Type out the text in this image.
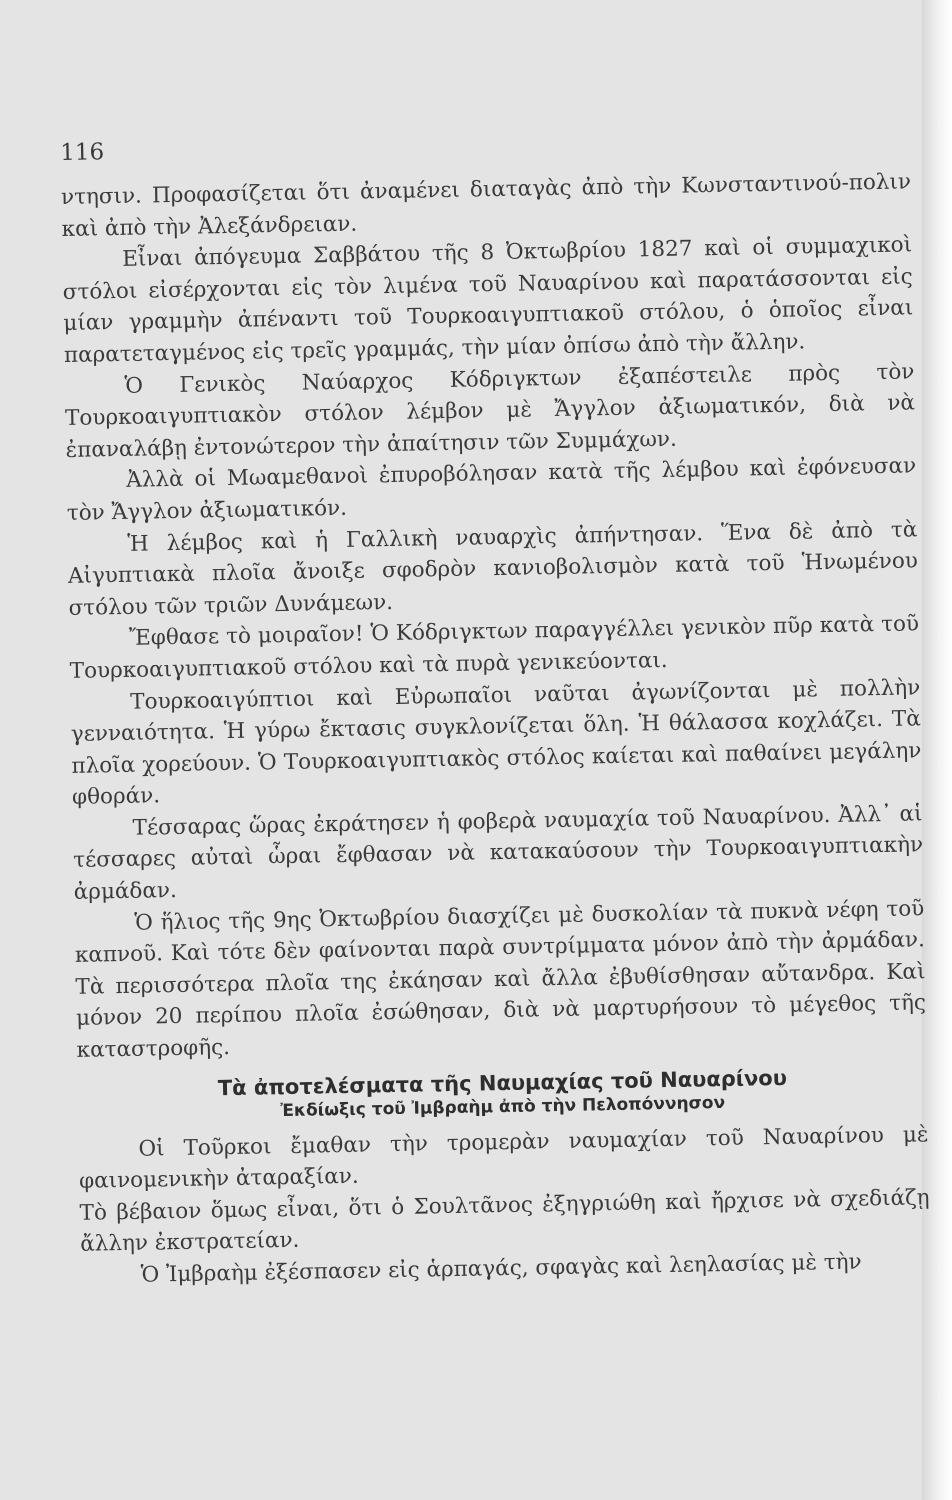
116

ντησιν. Προφασίζεται ὅτι ἀναμένει διαταγὰς ἀπὸ τὴν Κωνσταντινού-πολιν καὶ ἀπὸ τὴν Ἀλεξάνδρειαν.

Εἶναι ἀπόγευμα Σαββάτου τῆς 8 Ὀκτωβρίου 1827 καὶ οἱ συμμαχικοὶ στόλοι εἰσέρχονται εἰς τὸν λιμένα τοῦ Ναυαρίνου καὶ παρατάσσονται εἰς μίαν γραμμὴν ἀπέναντι τοῦ Τουρκοαιγυπτιακοῦ στόλου, ὁ ὁποῖος εἶναι παρατεταγμένος εἰς τρεῖς γραμμάς, τὴν μίαν ὀπίσω ἀπὸ τὴν ἄλλην.

Ὁ Γενικὸς Ναύαρχος Κόδριγκτων ἐξαπέστειλε πρὸς τὸν Τουρκοαιγυπτιακὸν στόλον λέμβον μὲ Ἄγγλον ἀξιωματικόν, διὰ νὰ ἐπαναλάβῃ ἐντονώτερον τὴν ἀπαίτησιν τῶν Συμμάχων.

Ἀλλὰ οἱ Μωαμεθανοὶ ἐπυροβόλησαν κατὰ τῆς λέμβου καὶ ἐφόνευσαν τὸν Ἄγγλον ἀξιωματικόν.

Ἡ λέμβος καὶ ἡ Γαλλικὴ ναυαρχὶς ἀπήντησαν. Ἕνα δὲ ἀπὸ τὰ Αἰγυπτιακὰ πλοῖα ἄνοιξε σφοδρὸν κανιοβολισμὸν κατὰ τοῦ Ἡνωμένου στόλου τῶν τριῶν Δυνάμεων.

Ἔφθασε τὸ μοιραῖον! Ὁ Κόδριγκτων παραγγέλλει γενικὸν πῦρ κατὰ τοῦ Τουρκοαιγυπτιακοῦ στόλου καὶ τὰ πυρὰ γενικεύονται.

Τουρκοαιγύπτιοι καὶ Εὐρωπαῖοι ναῦται ἀγωνίζονται μὲ πολλὴν γενναιότητα. Ἡ γύρω ἔκτασις συγκλονίζεται ὅλη. Ἡ θάλασσα κοχλάζει. Τὰ πλοῖα χορεύουν. Ὁ Τουρκοαιγυπτιακὸς στόλος καίεται καὶ παθαίνει μεγάλην φθοράν.

Τέσσαρας ὥρας ἐκράτησεν ἡ φοβερὰ ναυμαχία τοῦ Ναυαρίνου. Ἀλλ᾿ αἱ τέσσαρες αὐταὶ ὧραι ἔφθασαν νὰ κατακαύσουν τὴν Τουρκοαιγυπτιακὴν ἀρμάδαν.

Ὁ ἥλιος τῆς 9ης Ὀκτωβρίου διασχίζει μὲ δυσκολίαν τὰ πυκνὰ νέφη τοῦ καπνοῦ. Καὶ τότε δὲν φαίνονται παρὰ συντρίμματα μόνον ἀπὸ τὴν ἀρμάδαν. Τὰ περισσότερα πλοῖα της ἐκάησαν καὶ ἄλλα ἐβυθίσθησαν αὔτανδρα. Καὶ μόνον 20 περίπου πλοῖα ἐσώθησαν, διὰ νὰ μαρτυρήσουν τὸ μέγεθος τῆς καταστροφῆς.

Τὰ ἀποτελέσματα τῆς Ναυμαχίας τοῦ Ναυαρίνου
Ἐκδίωξις τοῦ Ἰμβραὴμ ἀπὸ τὴν Πελοπόννησον

Οἱ Τοῦρκοι ἔμαθαν τὴν τρομερὰν ναυμαχίαν τοῦ Ναυαρίνου μὲ φαινομενικὴν ἀταραξίαν.

Τὸ βέβαιον ὅμως εἶναι, ὅτι ὁ Σουλτᾶνος ἐξηγριώθη καὶ ἤρχισε νὰ σχεδιάζῃ ἄλλην ἐκστρατείαν.

Ὁ Ἰμβραὴμ ἐξέσπασεν εἰς ἁρπαγάς, σφαγὰς καὶ λεηλασίας μὲ τὴν
